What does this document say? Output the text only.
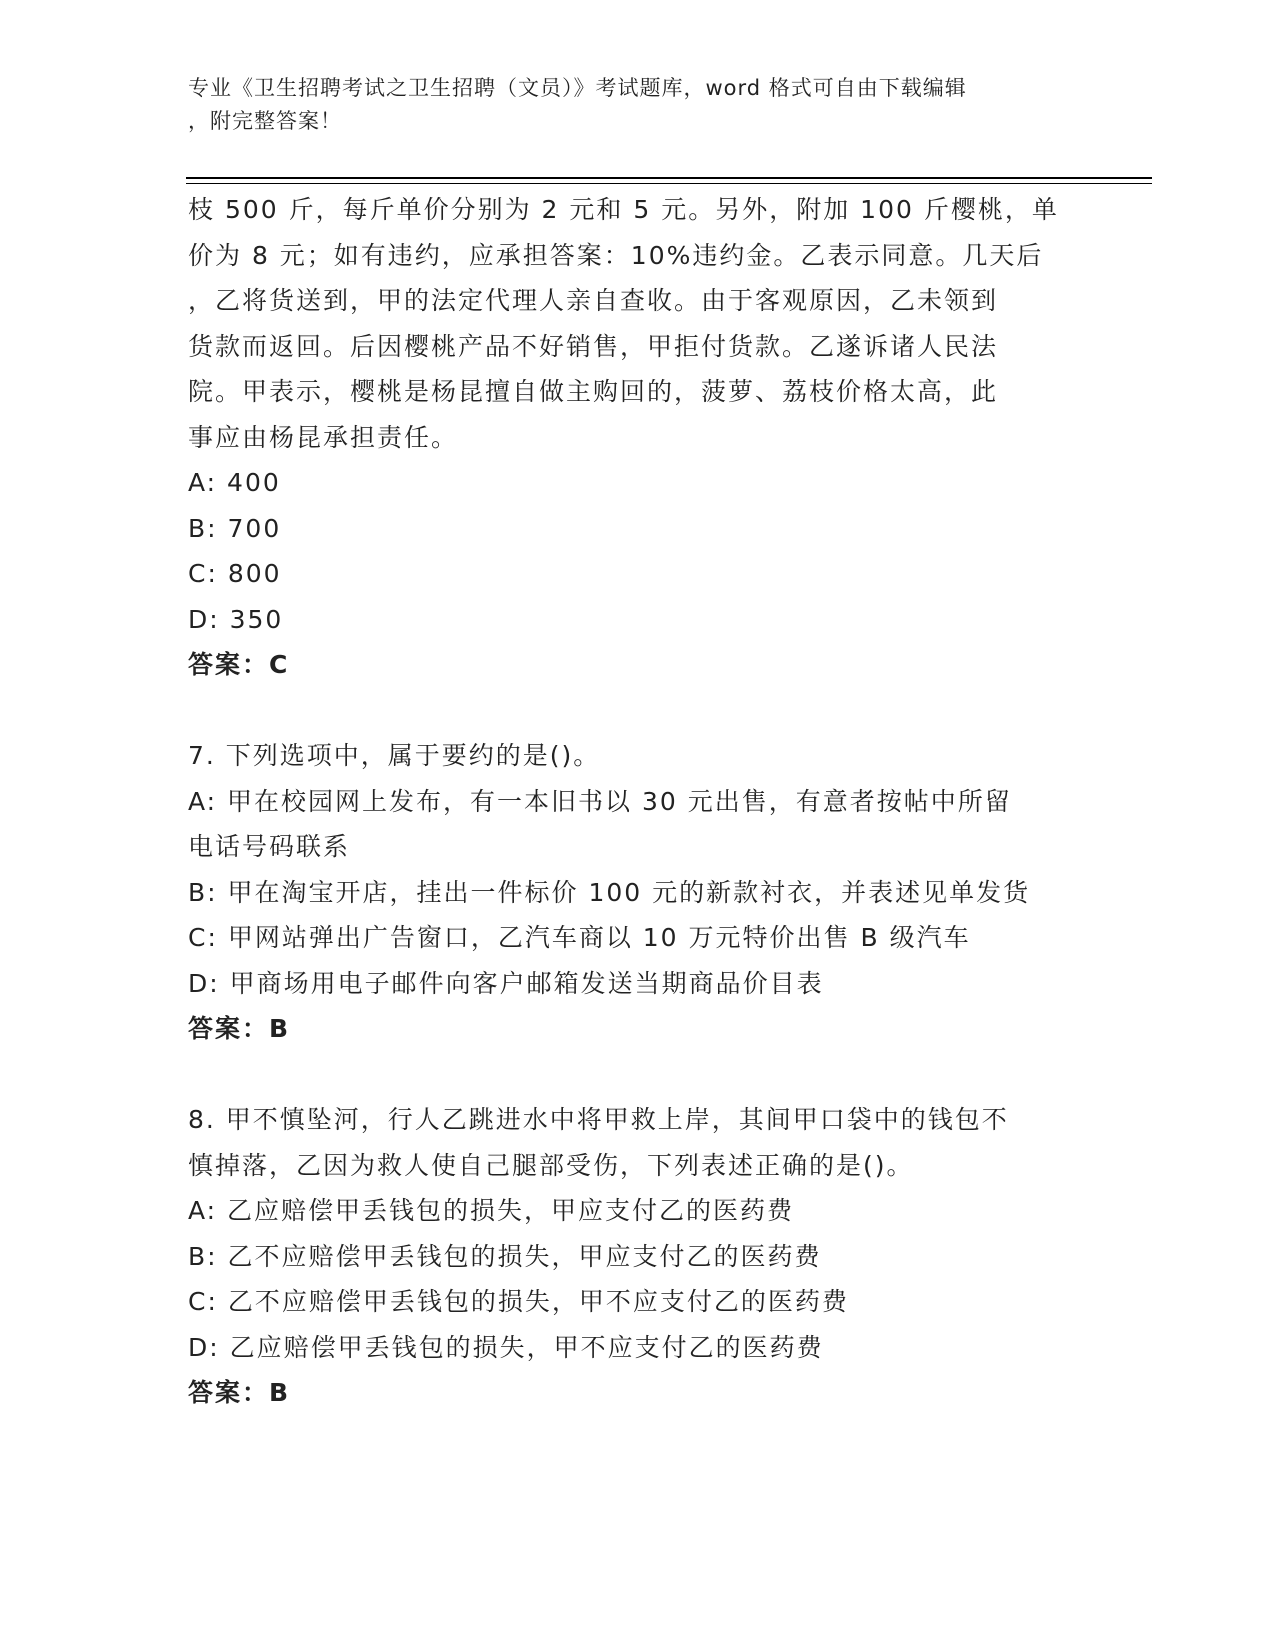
专业《卫生招聘考试之卫生招聘（文员）》考试题库，word 格式可自由下载编辑
，附完整答案！
枝 500 斤，每斤单价分别为 2 元和 5 元。另外，附加 100 斤樱桃，单
价为 8 元；如有违约，应承担答案：10%违约金。乙表示同意。几天后
，乙将货送到，甲的法定代理人亲自查收。由于客观原因，乙未领到
货款而返回。后因樱桃产品不好销售，甲拒付货款。乙遂诉诸人民法
院。甲表示，樱桃是杨昆擅自做主购回的，菠萝、荔枝价格太高，此
事应由杨昆承担责任。
A: 400
B: 700
C: 800
D: 350
答案：C
7. 下列选项中，属于要约的是()。
A: 甲在校园网上发布，有一本旧书以 30 元出售，有意者按帖中所留
电话号码联系
B: 甲在淘宝开店，挂出一件标价 100 元的新款衬衣，并表述见单发货
C: 甲网站弹出广告窗口，乙汽车商以 10 万元特价出售 B 级汽车
D: 甲商场用电子邮件向客户邮箱发送当期商品价目表
答案：B
8. 甲不慎坠河，行人乙跳进水中将甲救上岸，其间甲口袋中的钱包不
慎掉落，乙因为救人使自己腿部受伤，下列表述正确的是()。
A: 乙应赔偿甲丢钱包的损失，甲应支付乙的医药费
B: 乙不应赔偿甲丢钱包的损失，甲应支付乙的医药费
C: 乙不应赔偿甲丢钱包的损失，甲不应支付乙的医药费
D: 乙应赔偿甲丢钱包的损失，甲不应支付乙的医药费
答案：B
